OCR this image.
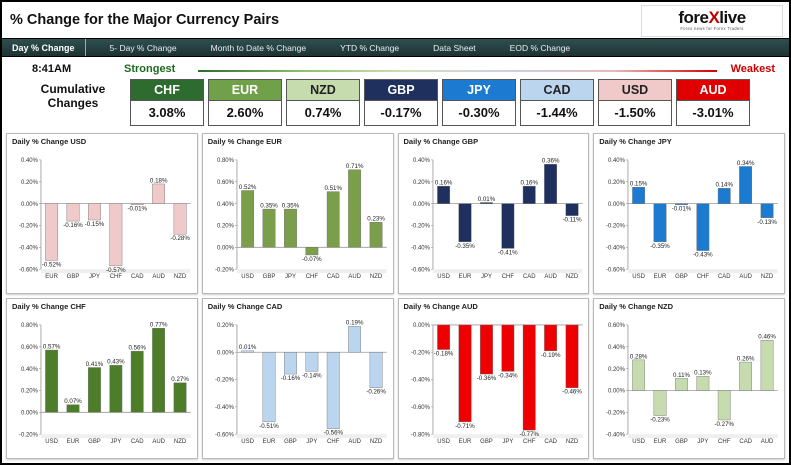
% Change for the Major Currency Pairs	foreXlive
Forex news for Forex Traders
Day % Change	5- Day % Change	Month to Date % Change	YTD % Change	Data Sheet	EOD % Change
8:41AM
Cumulative
Changes
Strongest	Weakest
CHF
3.08%
EUR
2.60%
NZD
0.74%
GBP
-0.17%
JPY
-0.30%
CAD
-1.44%
USD
-1.50%
AUD
-3.01%
Daily % Change USD
0.40%
0.20%
0.00%
-0.20%
-0.40%
-0.60%
-0.52%
EUR
-0.16%
GBP
-0.15%
JPY
-0.57%
CHF
-0.01%
CAD
0.18%
AUD
-0.28%
NZD
Daily % Change EUR
0.80%
0.60%
0.40%
0.20%
0.00%
-0.20%
0.52%
USD
0.35%
GBP
0.35%
JPY
-0.07%
CHF
0.51%
CAD
0.71%
AUD
0.23%
NZD
Daily % Change GBP
0.40%
0.20%
0.00%
-0.20%
-0.40%
-0.60%
0.16%
USD
-0.35%
EUR
0.01%
JPY
-0.41%
CHF
0.16%
CAD
0.36%
AUD
-0.11%
NZD
Daily % Change JPY
0.40%
0.20%
0.00%
-0.20%
-0.40%
-0.60%
0.15%
USD
-0.35%
EUR
-0.01%
GBP
-0.43%
CHF
0.14%
CAD
0.34%
AUD
-0.13%
NZD
Daily % Change CHF
0.80%
0.60%
0.40%
0.20%
0.00%
-0.20%
0.57%
USD
0.07%
EUR
0.41%
GBP
0.43%
JPY
0.56%
CAD
0.77%
AUD
0.27%
NZD
Daily % Change CAD
0.20%
0.00%
-0.20%
-0.40%
-0.60%
0.01%
USD
-0.51%
EUR
-0.16%
GBP
-0.14%
JPY
-0.56%
CHF
0.19%
AUD
-0.26%
NZD
Daily % Change AUD
0.00%
-0.20%
-0.40%
-0.60%
-0.80%
-0.18%
USD
-0.71%
EUR
-0.36%
GBP
-0.34%
JPY
-0.77%
CHF
-0.19%
CAD
-0.46%
NZD
Daily % Change NZD
0.60%
0.40%
0.20%
0.00%
-0.20%
-0.40%
0.28%
USD
-0.23%
EUR
0.11%
GBP
0.13%
JPY
-0.27%
CHF
0.26%
CAD
0.46%
AUD
